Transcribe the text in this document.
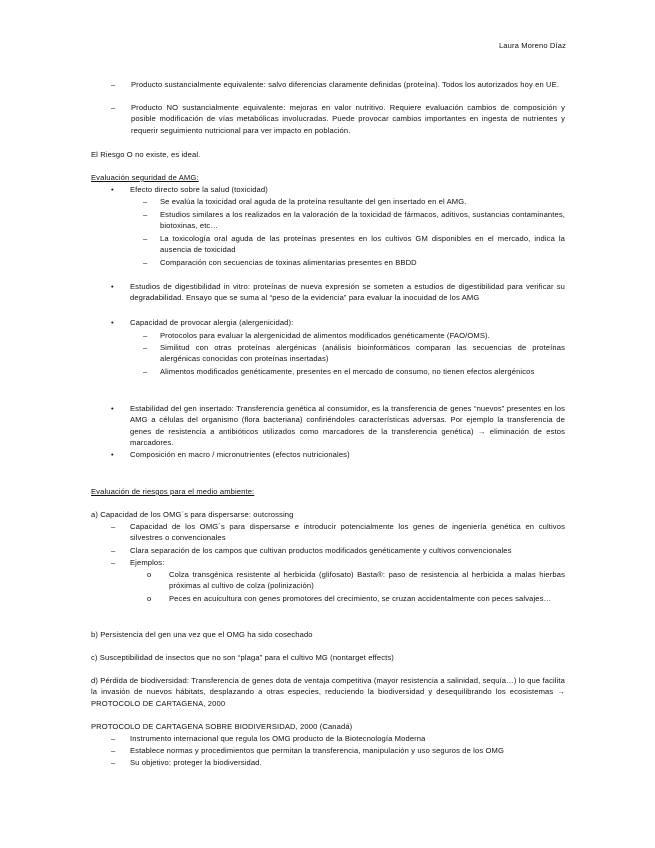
Laura Moreno Díaz
– Producto sustancialmente equivalente: salvo diferencias claramente definidas (proteína). Todos los autorizados hoy en UE.
– Producto NO sustancialmente equivalente: mejoras en valor nutritivo. Requiere evaluación cambios de composición y posible modificación de vías metabólicas involucradas. Puede provocar cambios importantes en ingesta de nutrientes y requerir seguimiento nutricional para ver impacto en población.
El Riesgo O no existe, es ideal.
Evaluación seguridad de AMG:
• Efecto directo sobre la salud (toxicidad)
– Se evalúa la toxicidad oral aguda de la proteína resultante del gen insertado en el AMG.
– Estudios similares a los realizados en la valoración de la toxicidad de fármacos, aditivos, sustancias contaminantes, biotoxinas, etc…
– La toxicología oral aguda de las proteínas presentes en los cultivos GM disponibles en el mercado, indica la ausencia de toxicidad
– Comparación con secuencias de toxinas alimentarias presentes en BBDD
• Estudios de digestibilidad in vitro: proteínas de nueva expresión se someten a estudios de digestibilidad para verificar su degradabilidad. Ensayo que se suma al “peso de la evidencia” para evaluar la inocuidad de los AMG
• Capacidad de provocar alergia (alergenicidad):
– Protocolos para evaluar la alergenicidad de alimentos modificados genéticamente (FAO/OMS).
– Similitud con otras proteínas alergénicas (análisis bioinformáticos comparan las secuencias de proteínas alergénicas conocidas con proteínas insertadas)
– Alimentos modificados genéticamente, presentes en el mercado de consumo, no tienen efectos alergénicos
• Estabilidad del gen insertado: Transferencia genética al consumidor, es la transferencia de genes “nuevos” presentes en los AMG a células del organismo (flora bacteriana) confiriéndoles características adversas. Por ejemplo la transferencia de genes de resistencia a antibióticos utilizados como marcadores de la transferencia genética) → eliminación de estos marcadores.
• Composición en macro / micronutrientes (efectos nutricionales)
Evaluación de riesgos para el medio ambiente:
a) Capacidad de los OMG´s para dispersarse: outcrossing
– Capacidad de los OMG´s para dispersarse e introducir potencialmente los genes de ingeniería genética en cultivos silvestres o convencionales
– Clara separación de los campos que cultivan productos modificados genéticamente y cultivos convencionales
– Ejemplos:
o Colza transgénica resistente al herbicida (glifosato) Basta®: paso de resistencia al herbicida a malas hierbas próximas al cultivo de colza (polinización)
o Peces en acuicultura con genes promotores del crecimiento, se cruzan accidentalmente con peces salvajes…
b) Persistencia del gen una vez que el OMG ha sido cosechado
c) Susceptibilidad de insectos que no son “plaga” para el cultivo MG (nontarget effects)
d) Pérdida de biodiversidad: Transferencia de genes dota de ventaja competitiva (mayor resistencia a salinidad, sequía…) lo que facilita la invasión de nuevos hábitats, desplazando a otras especies, reduciendo la biodiversidad y desequilibrando los ecosistemas → PROTOCOLO DE CARTAGENA, 2000
PROTOCOLO DE CARTAGENA SOBRE BIODIVERSIDAD, 2000 (Canadá)
– Instrumento internacional que regula los OMG producto de la Biotecnología Moderna
– Establece normas y procedimientos que permitan la transferencia, manipulación y uso seguros de los OMG
– Su objetivo: proteger la biodiversidad.
